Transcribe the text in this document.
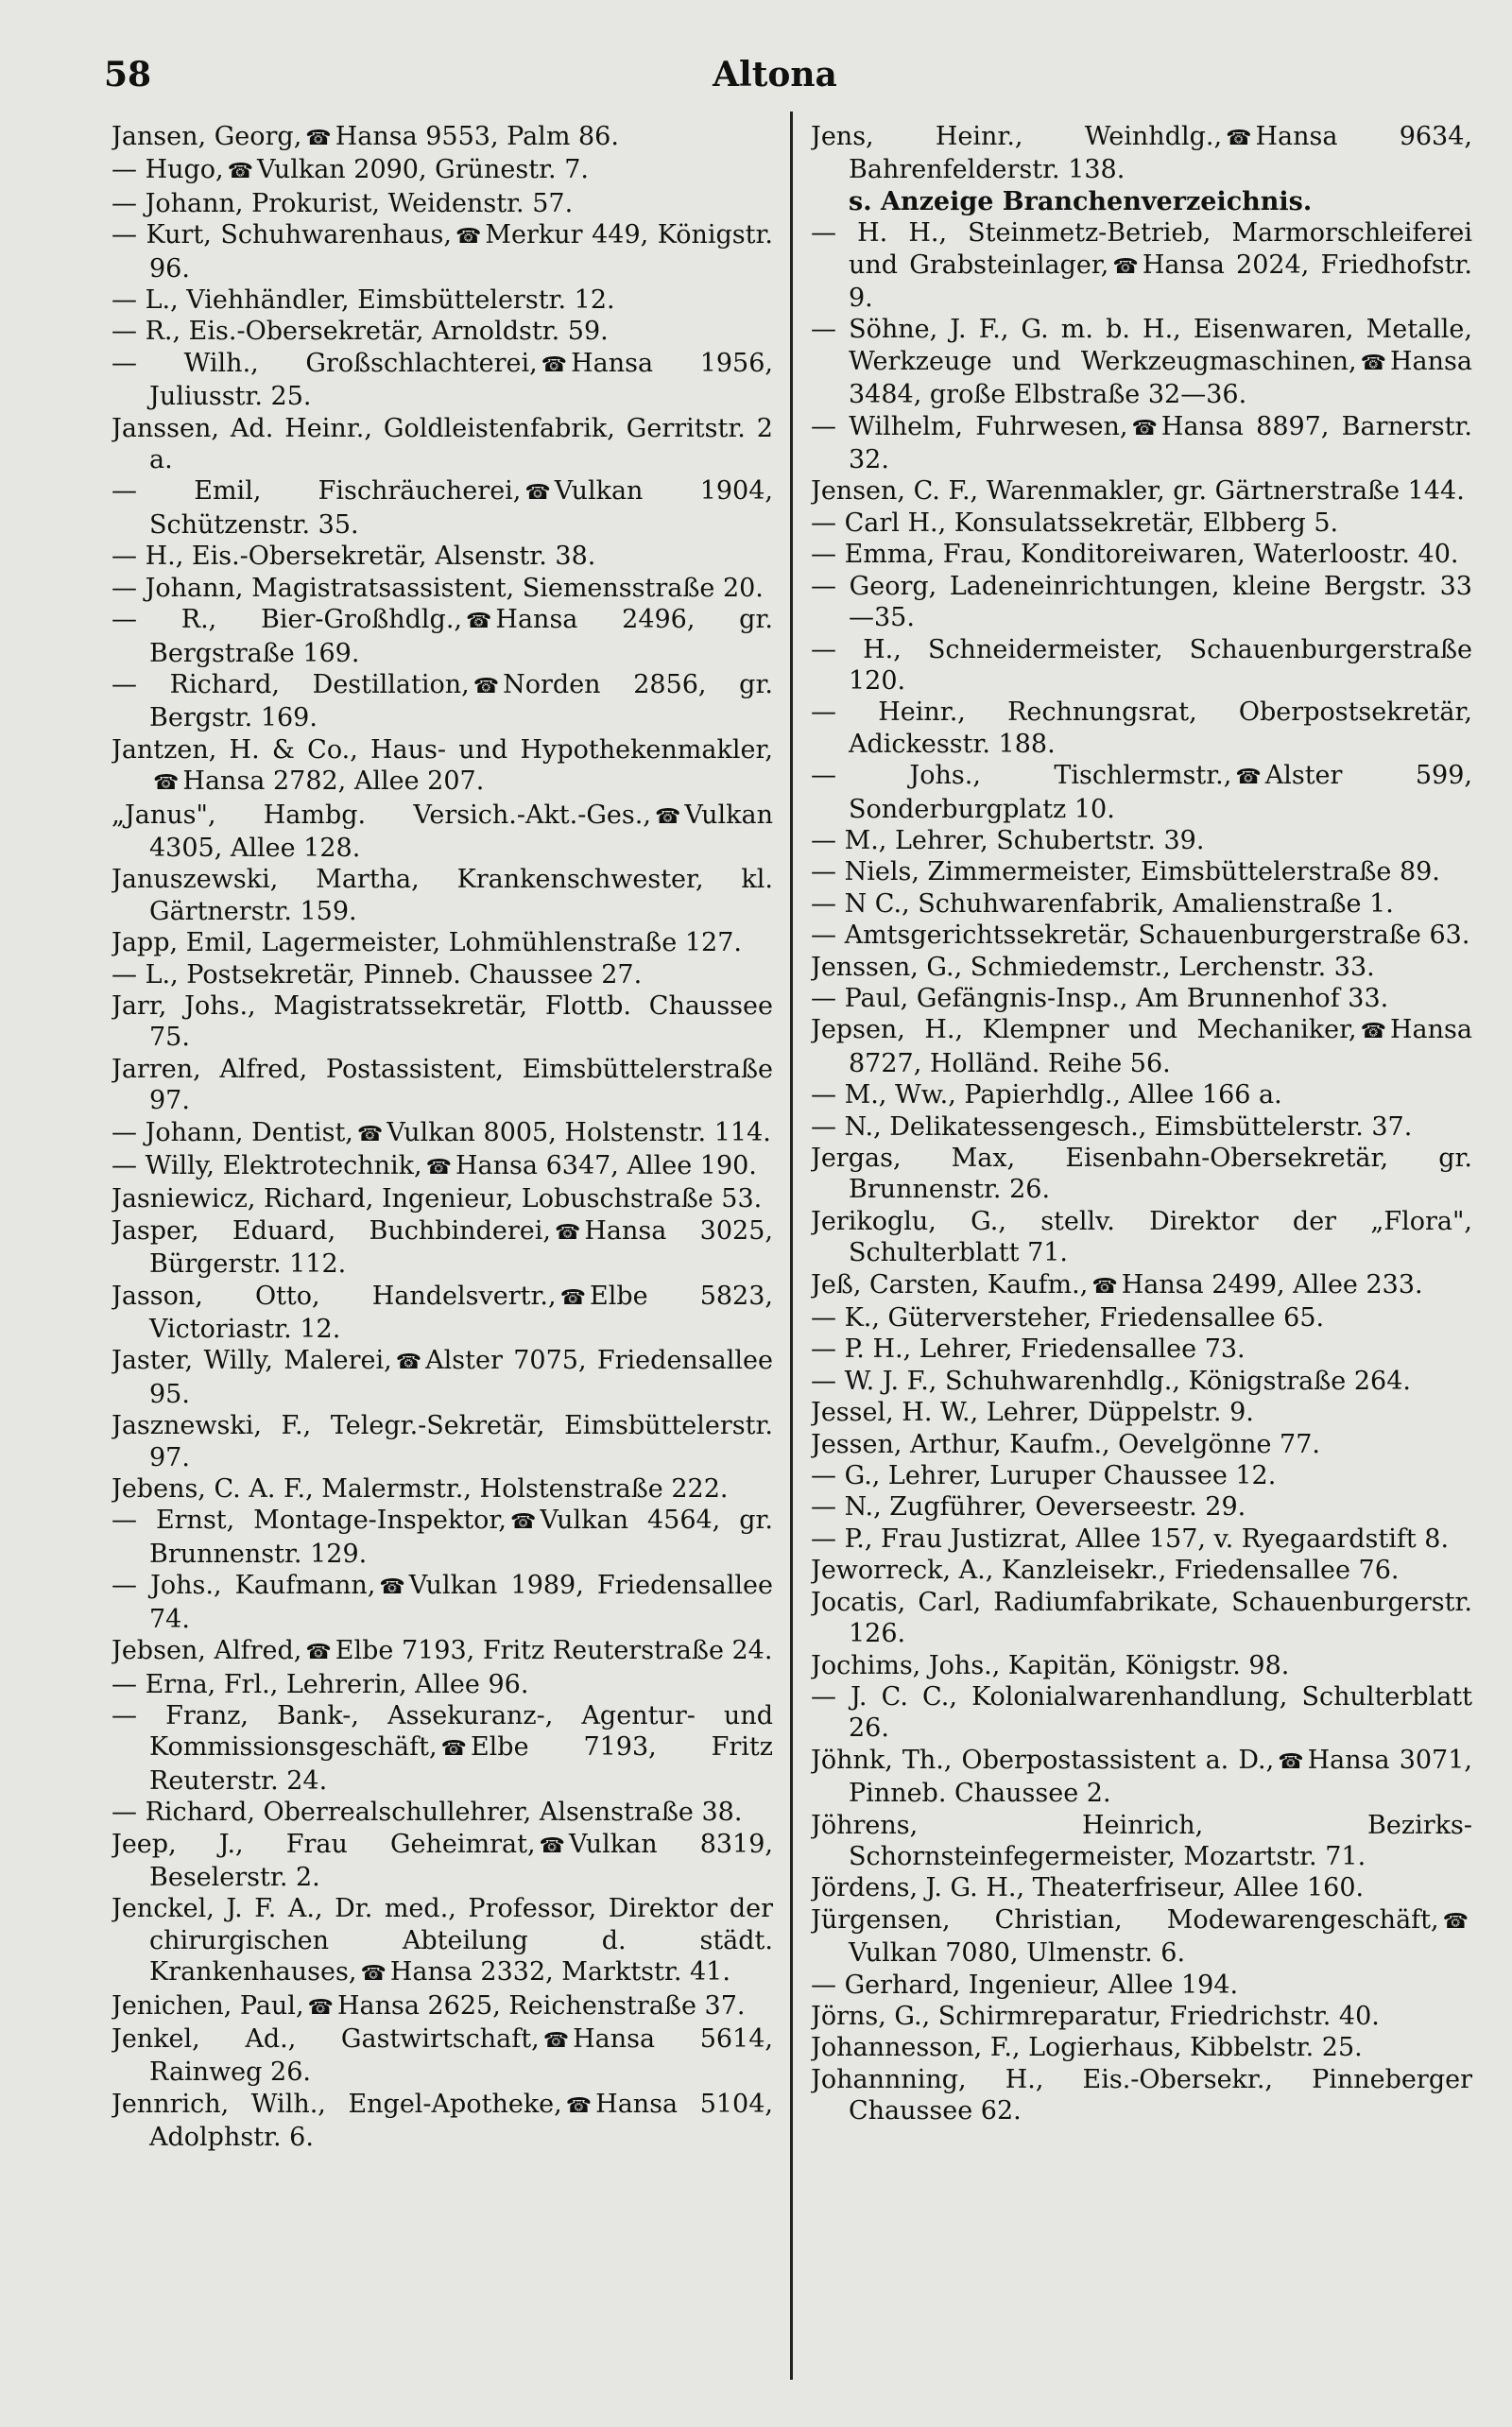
58	Altona

Jansen, Georg, ☎ Hansa 9553, Palm 86.

— Hugo, ☎ Vulkan 2090, Grünestr. 7.

— Johann, Prokurist, Weidenstr. 57.

— Kurt, Schuhwarenhaus, ☎ Merkur 449, Königstr. 96.

— L., Viehhändler, Eimsbüttelerstr. 12.

— R., Eis.-Obersekretär, Arnoldstr. 59.

— Wilh., Großschlachterei, ☎ Hansa 1956, Juliusstr. 25.

Janssen, Ad. Heinr., Goldleistenfabrik, Gerritstr. 2 a.

— Emil, Fischräucherei, ☎ Vulkan 1904, Schützenstr. 35.

— H., Eis.-Obersekretär, Alsenstr. 38.

— Johann, Magistratsassistent, Siemensstraße 20.

— R., Bier-Großhdlg., ☎ Hansa 2496, gr. Bergstraße 169.

— Richard, Destillation, ☎ Norden 2856, gr. Bergstr. 169.

Jantzen, H. & Co., Haus- und Hypothekenmakler,☎ Hansa 2782, Allee 207.

„Janus", Hambg. Versich.-Akt.-Ges., ☎ Vulkan 4305, Allee 128.

Januszewski, Martha, Krankenschwester, kl. Gärtnerstr. 159.

Japp, Emil, Lagermeister, Lohmühlenstraße 127.

— L., Postsekretär, Pinneb. Chaussee 27.

Jarr, Johs., Magistratssekretär, Flottb. Chaussee 75.

Jarren, Alfred, Postassistent, Eimsbüttelerstraße 97.

— Johann, Dentist, ☎ Vulkan 8005, Holstenstr. 114.

— Willy, Elektrotechnik, ☎ Hansa 6347, Allee 190.

Jasniewicz, Richard, Ingenieur, Lobuschstraße 53.

Jasper, Eduard, Buchbinderei, ☎ Hansa 3025, Bürgerstr. 112.

Jasson, Otto, Handelsvertr., ☎ Elbe 5823, Victoriastr. 12.

Jaster, Willy, Malerei, ☎ Alster 7075, Friedensallee 95.

Jasznewski, F., Telegr.-Sekretär, Eimsbüttelerstr. 97.

Jebens, C. A. F., Malermstr., Holstenstraße 222.

— Ernst, Montage-Inspektor, ☎ Vulkan 4564, gr. Brunnenstr. 129.

— Johs., Kaufmann, ☎ Vulkan 1989, Friedensallee 74.

Jebsen, Alfred, ☎ Elbe 7193, Fritz Reuterstraße 24.

— Erna, Frl., Lehrerin, Allee 96.

— Franz, Bank-, Assekuranz-, Agentur- und Kommissionsgeschäft, ☎ Elbe 7193, Fritz Reuterstr. 24.

— Richard, Oberrealschullehrer, Alsenstraße 38.

Jeep, J., Frau Geheimrat, ☎ Vulkan 8319, Beselerstr. 2.

Jenckel, J. F. A., Dr. med., Professor, Direktor der chirurgischen Abteilung d. städt. Krankenhauses, ☎ Hansa 2332, Marktstr. 41.

Jenichen, Paul, ☎ Hansa 2625, Reichenstraße 37.

Jenkel, Ad., Gastwirtschaft, ☎ Hansa 5614, Rainweg 26.

Jennrich, Wilh., Engel-Apotheke, ☎ Hansa 5104, Adolphstr. 6.

Jens, Heinr., Weinhdlg., ☎ Hansa 9634, Bahrenfelderstr. 138.

s. Anzeige Branchenverzeichnis.

— H. H., Steinmetz-Betrieb, Marmorschleiferei und Grabsteinlager, ☎ Hansa 2024, Friedhofstr. 9.

— Söhne, J. F., G. m. b. H., Eisenwaren, Metalle, Werkzeuge und Werkzeugmaschinen, ☎ Hansa 3484, große Elbstraße 32—36.

— Wilhelm, Fuhrwesen, ☎ Hansa 8897, Barnerstr. 32.

Jensen, C. F., Warenmakler, gr. Gärtnerstraße 144.

— Carl H., Konsulatssekretär, Elbberg 5.

— Emma, Frau, Konditoreiwaren, Waterloostr. 40.

— Georg, Ladeneinrichtungen, kleine Bergstr. 33—35.

— H., Schneidermeister, Schauenburgerstraße 120.

— Heinr., Rechnungsrat, Oberpostsekretär, Adickesstr. 188.

— Johs., Tischlermstr., ☎ Alster 599, Sonderburgplatz 10.

— M., Lehrer, Schubertstr. 39.

— Niels, Zimmermeister, Eimsbüttelerstraße 89.

— N C., Schuhwarenfabrik, Amalienstraße 1.

— Amtsgerichtssekretär, Schauenburgerstraße 63.

Jenssen, G., Schmiedemstr., Lerchenstr. 33.

— Paul, Gefängnis-Insp., Am Brunnenhof 33.

Jepsen, H., Klempner und Mechaniker, ☎ Hansa 8727, Holländ. Reihe 56.

— M., Ww., Papierhdlg., Allee 166 a.

— N., Delikatessengesch., Eimsbüttelerstr. 37.

Jergas, Max, Eisenbahn-Obersekretär, gr. Brunnenstr. 26.

Jerikoglu, G., stellv. Direktor der „Flora", Schulterblatt 71.

Jeß, Carsten, Kaufm., ☎ Hansa 2499, Allee 233.

— K., Güterversteher, Friedensallee 65.

— P. H., Lehrer, Friedensallee 73.

— W. J. F., Schuhwarenhdlg., Königstraße 264.

Jessel, H. W., Lehrer, Düppelstr. 9.

Jessen, Arthur, Kaufm., Oevelgönne 77.

— G., Lehrer, Luruper Chaussee 12.

— N., Zugführer, Oeverseestr. 29.

— P., Frau Justizrat, Allee 157, v. Ryegaardstift 8.

Jeworreck, A., Kanzleisekr., Friedensallee 76.

Jocatis, Carl, Radiumfabrikate, Schauenburgerstr. 126.

Jochims, Johs., Kapitän, Königstr. 98.

— J. C. C., Kolonialwarenhandlung, Schulterblatt 26.

Jöhnk, Th., Oberpostassistent a. D., ☎ Hansa 3071, Pinneb. Chaussee 2.

Jöhrens, Heinrich, Bezirks-Schornsteinfegermeister, Mozartstr. 71.

Jördens, J. G. H., Theaterfriseur, Allee 160.

Jürgensen, Christian, Modewarengeschäft, ☎Vulkan 7080, Ulmenstr. 6.

— Gerhard, Ingenieur, Allee 194.

Jörns, G., Schirmreparatur, Friedrichstr. 40.

Johannesson, F., Logierhaus, Kibbelstr. 25.

Johannning, H., Eis.-Obersekr., Pinneberger Chaussee 62.
